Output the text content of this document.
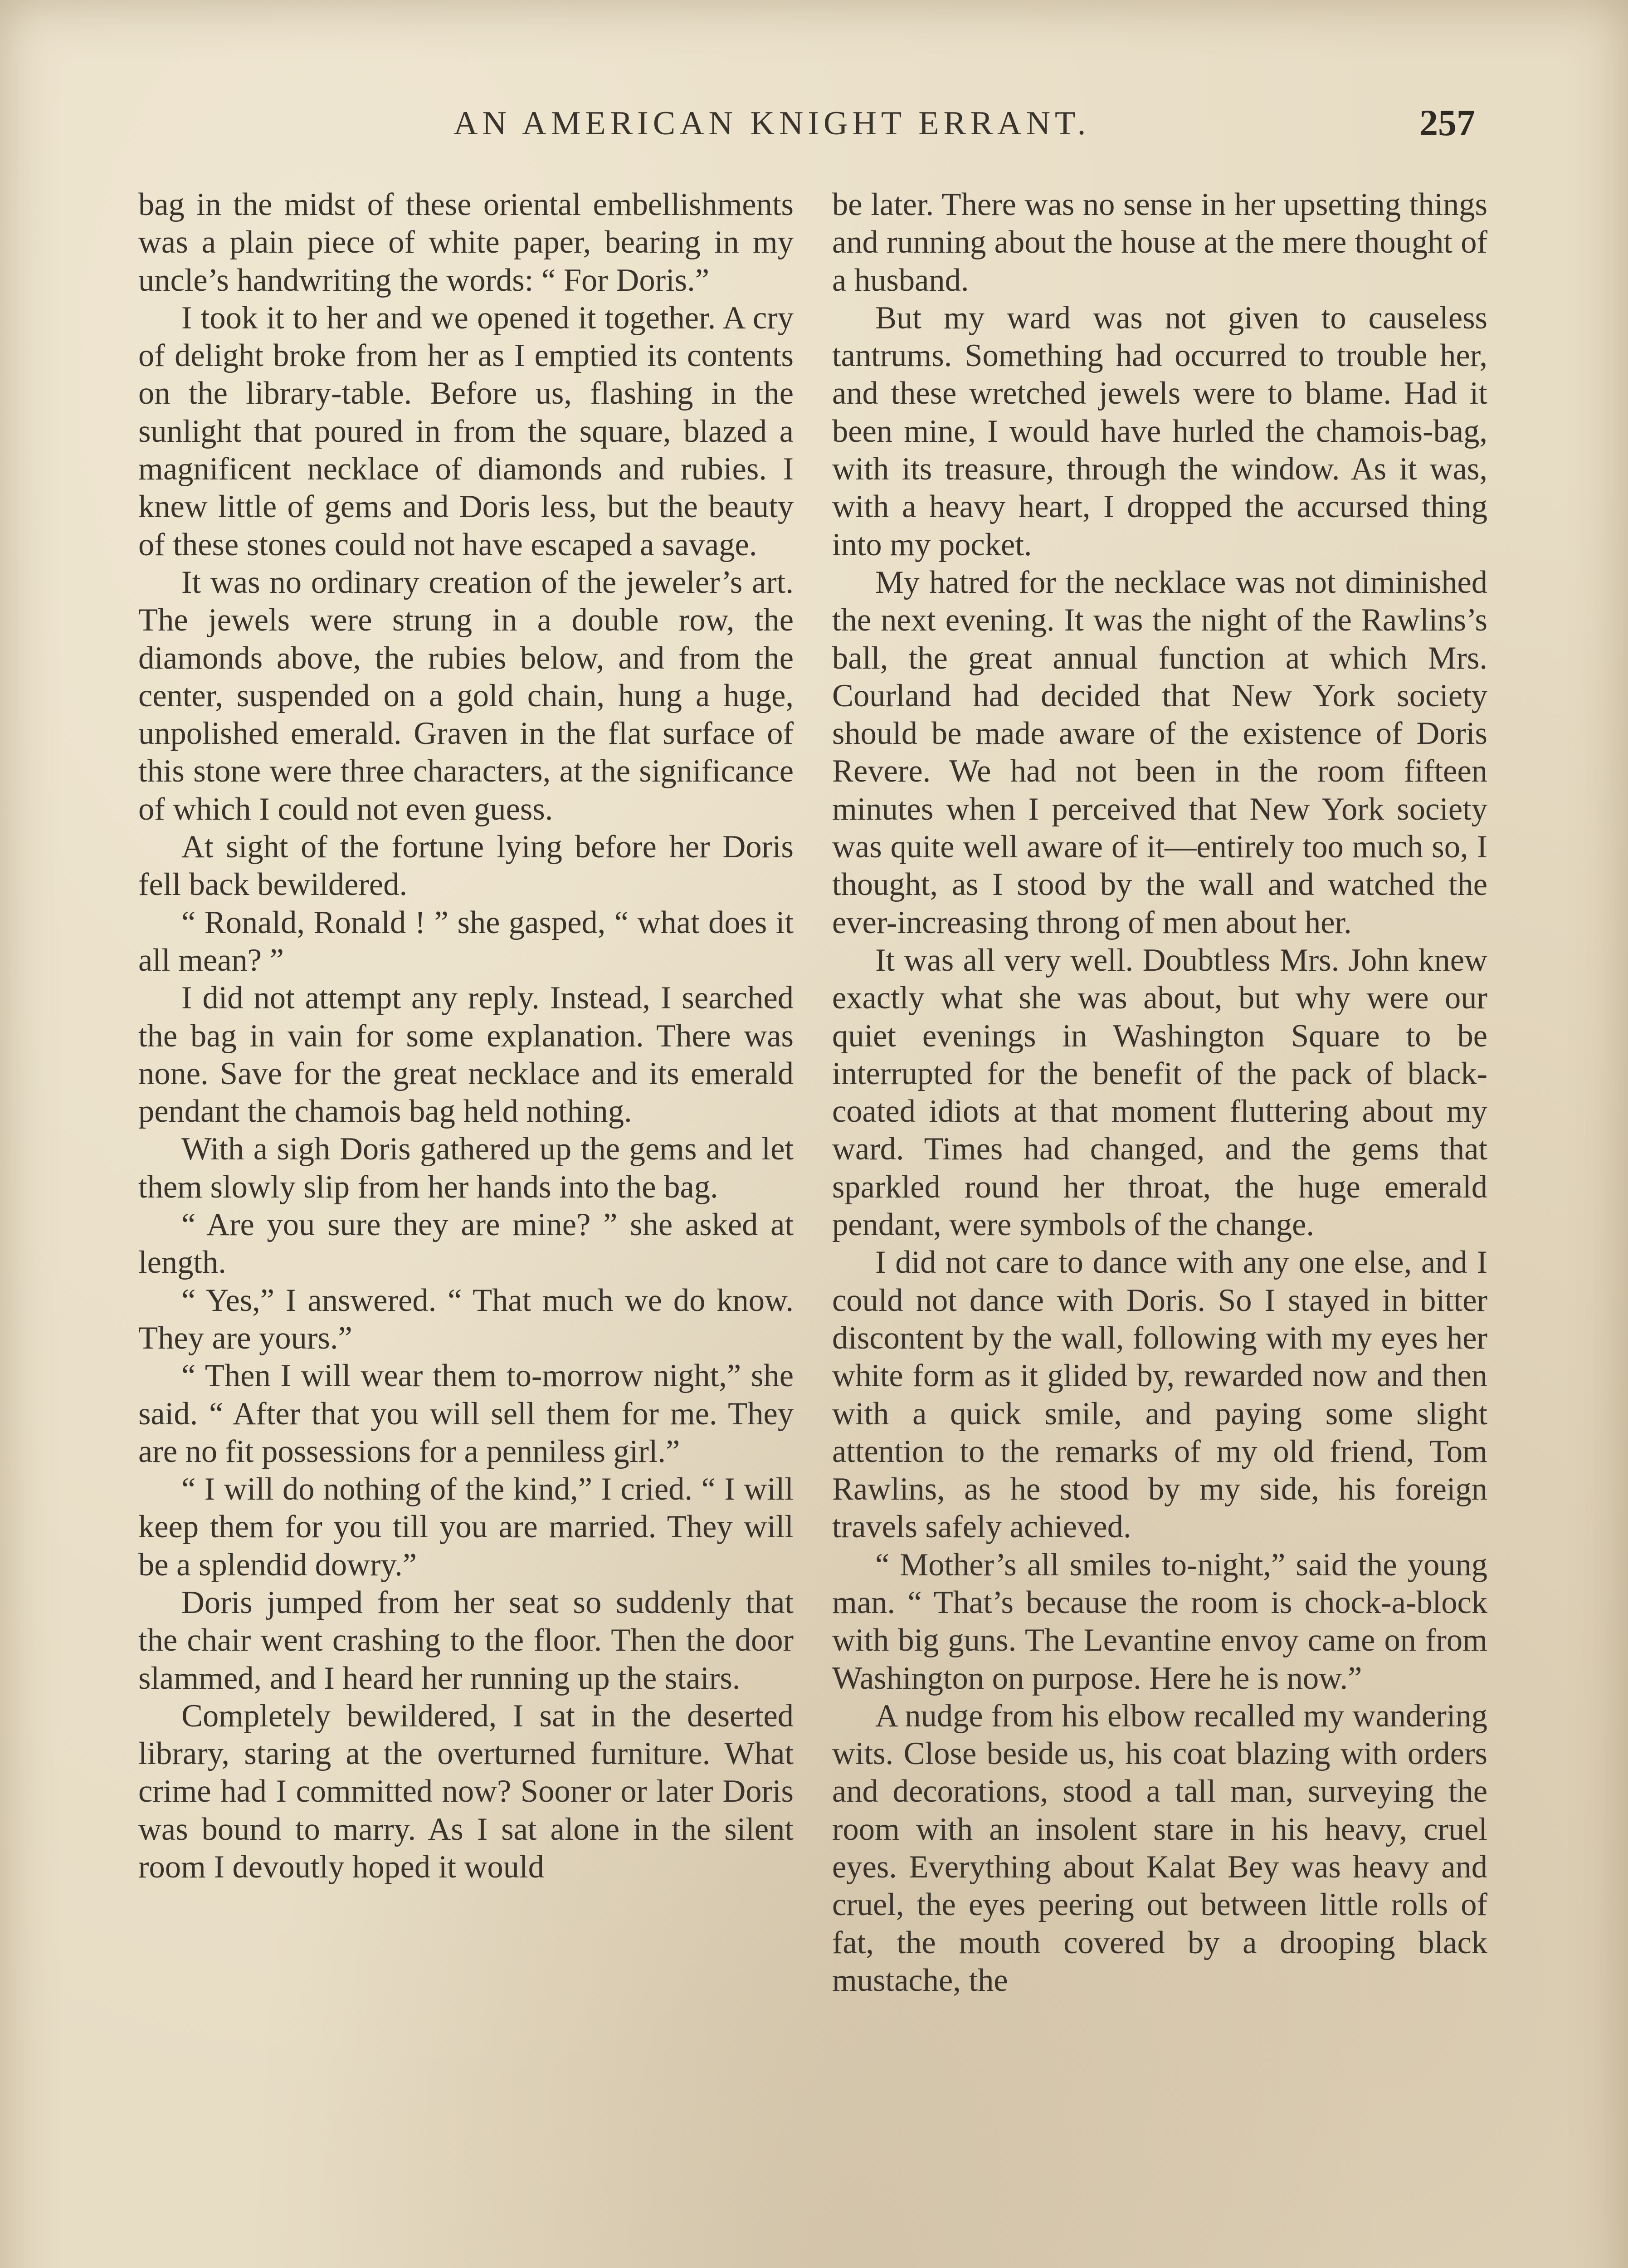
AN AMERICAN KNIGHT ERRANT.	257

bag in the midst of these oriental embellishments was a plain piece of white paper, bearing in my uncle’s handwriting the words: “ For Doris.”

I took it to her and we opened it together. A cry of delight broke from her as I emptied its contents on the library-table. Before us, flashing in the sunlight that poured in from the square, blazed a magnificent necklace of diamonds and rubies. I knew little of gems and Doris less, but the beauty of these stones could not have escaped a savage.

It was no ordinary creation of the jeweler’s art. The jewels were strung in a double row, the diamonds above, the rubies below, and from the center, suspended on a gold chain, hung a huge, unpolished emerald. Graven in the flat surface of this stone were three characters, at the significance of which I could not even guess.

At sight of the fortune lying before her Doris fell back bewildered.

“ Ronald, Ronald ! ” she gasped, “ what does it all mean? ”

I did not attempt any reply. Instead, I searched the bag in vain for some explanation. There was none. Save for the great necklace and its emerald pendant the chamois bag held nothing.

With a sigh Doris gathered up the gems and let them slowly slip from her hands into the bag.

“ Are you sure they are mine? ” she asked at length.

“ Yes,” I answered. “ That much we do know. They are yours.”

“ Then I will wear them to-morrow night,” she said. “ After that you will sell them for me. They are no fit possessions for a penniless girl.”

“ I will do nothing of the kind,” I cried. “ I will keep them for you till you are married. They will be a splendid dowry.”

Doris jumped from her seat so suddenly that the chair went crashing to the floor. Then the door slammed, and I heard her running up the stairs.

Completely bewildered, I sat in the deserted library, staring at the overturned furniture. What crime had I committed now? Sooner or later Doris was bound to marry. As I sat alone in the silent room I devoutly hoped it would

be later. There was no sense in her upsetting things and running about the house at the mere thought of a husband.

But my ward was not given to causeless tantrums. Something had occurred to trouble her, and these wretched jewels were to blame. Had it been mine, I would have hurled the chamois-bag, with its treasure, through the window. As it was, with a heavy heart, I dropped the accursed thing into my pocket.

My hatred for the necklace was not diminished the next evening. It was the night of the Rawlins’s ball, the great annual function at which Mrs. Courland had decided that New York society should be made aware of the existence of Doris Revere. We had not been in the room fifteen minutes when I perceived that New York society was quite well aware of it—entirely too much so, I thought, as I stood by the wall and watched the ever-increasing throng of men about her.

It was all very well. Doubtless Mrs. John knew exactly what she was about, but why were our quiet evenings in Washington Square to be interrupted for the benefit of the pack of black-coated idiots at that moment fluttering about my ward. Times had changed, and the gems that sparkled round her throat, the huge emerald pendant, were symbols of the change.

I did not care to dance with any one else, and I could not dance with Doris. So I stayed in bitter discontent by the wall, following with my eyes her white form as it glided by, rewarded now and then with a quick smile, and paying some slight attention to the remarks of my old friend, Tom Rawlins, as he stood by my side, his foreign travels safely achieved.

“ Mother’s all smiles to-night,” said the young man. “ That’s because the room is chock-a-block with big guns. The Levantine envoy came on from Washington on purpose. Here he is now.”

A nudge from his elbow recalled my wandering wits. Close beside us, his coat blazing with orders and decorations, stood a tall man, surveying the room with an insolent stare in his heavy, cruel eyes. Everything about Kalat Bey was heavy and cruel, the eyes peering out between little rolls of fat, the mouth covered by a drooping black mustache, the
